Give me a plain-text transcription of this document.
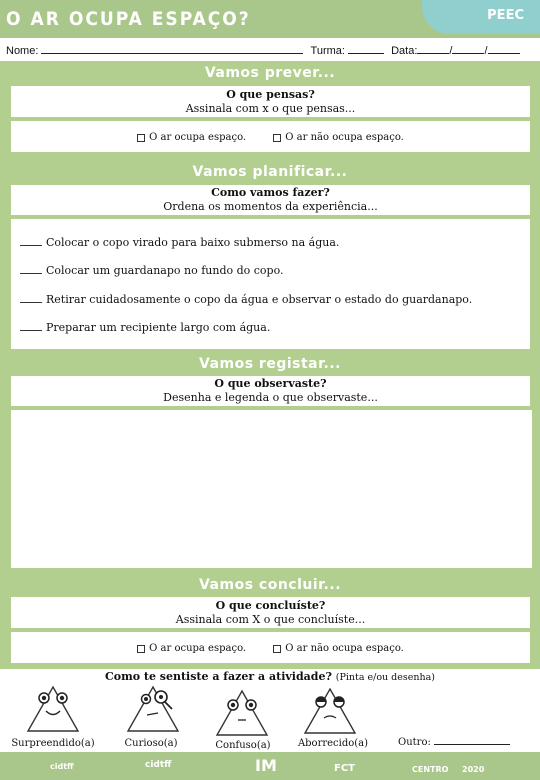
O AR OCUPA ESPAÇO?	PEEC
Nome:	Turma:	Data:	/	/
Vamos prever...
O que pensas?
Assinala com x o que pensas...
O ar ocupa espaço.	O ar não ocupa espaço.
Vamos planificar...
Como vamos fazer?
Ordena os momentos da experiência...
Colocar o copo virado para baixo submerso na água.
Colocar um guardanapo no fundo do copo.
Retirar cuidadosamente o copo da água e observar o estado do guardanapo.
Preparar um recipiente largo com água.
Vamos registar...
O que observaste?
Desenha e legenda o que observaste...
Vamos concluir...
O que concluíste?
Assinala com X o que concluíste...
O ar ocupa espaço.	O ar não ocupa espaço.
Como te sentiste a fazer a atividade? (Pinta e/ou desenha)
Surpreendido(a)	Curioso(a)	Confuso(a)	Aborrecido(a)	Outro:
cidtff	cidtff	IM	FCT	CENTRO 2020
